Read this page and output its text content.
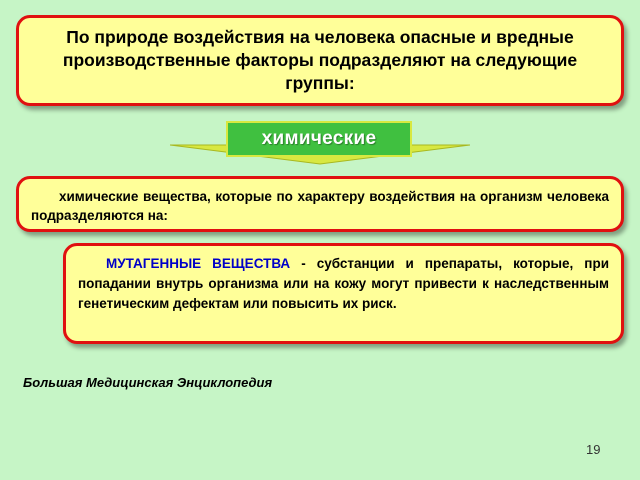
По природе воздействия на человека опасные и вредные производственные факторы подразделяют на следующие группы:
химические

химические вещества, которые по характеру воздействия на организм человека подразделяются на:

МУТАГЕННЫЕ ВЕЩЕСТВА - субстанции и препараты, которые, при попадании внутрь организма или на кожу могут привести к наследственным генетическим дефектам или повысить их риск.

Большая Медицинская Энциклопедия
19
